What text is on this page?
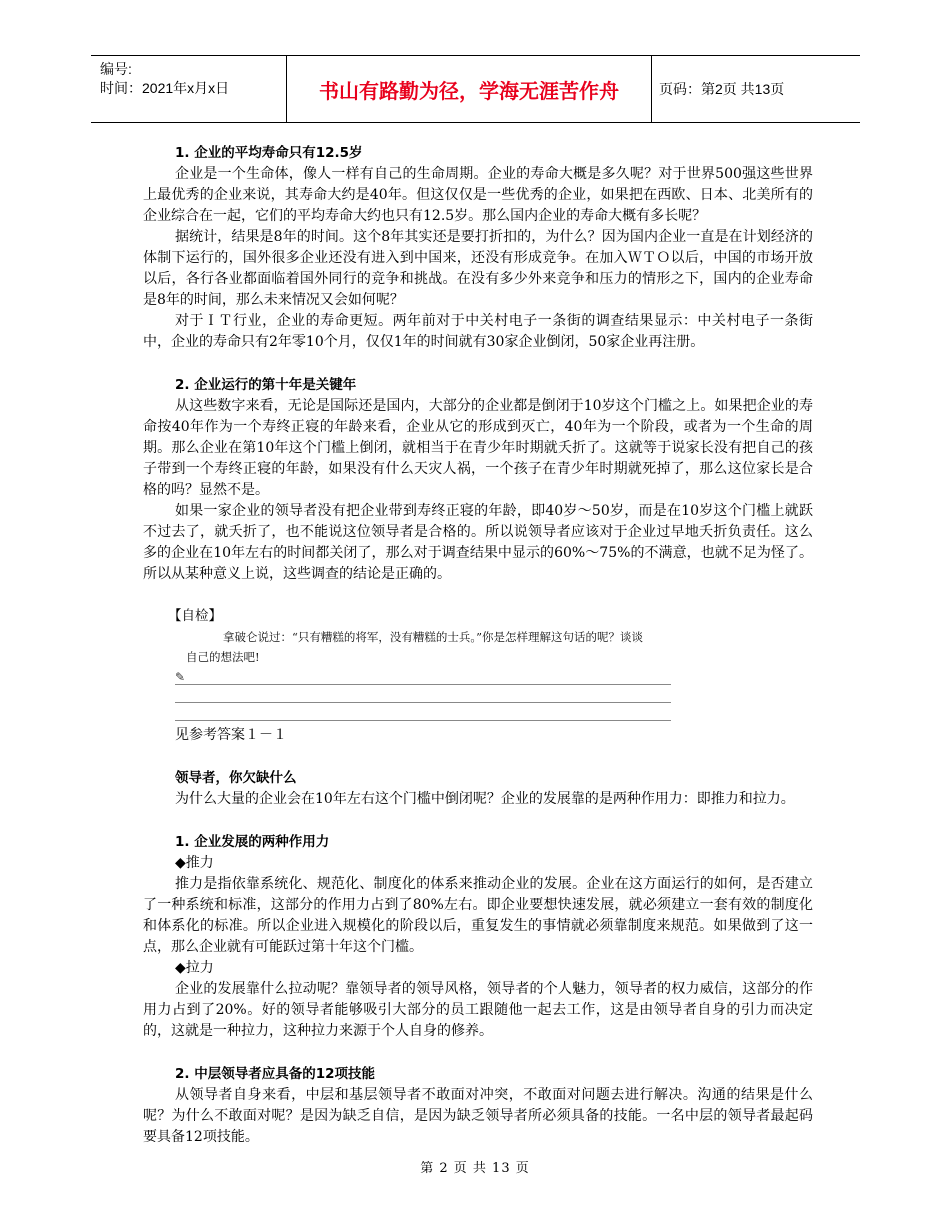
编号:
时间：2021年x月x日	书山有路勤为径，学海无涯苦作舟	页码：第2页 共13页
1. 企业的平均寿命只有12.5岁

企业是一个生命体，像人一样有自己的生命周期。企业的寿命大概是多久呢？对于世界500强这些世界上最优秀的企业来说，其寿命大约是40年。但这仅仅是一些优秀的企业，如果把在西欧、日本、北美所有的企业综合在一起，它们的平均寿命大约也只有12.5岁。那么国内企业的寿命大概有多长呢？

据统计，结果是8年的时间。这个8年其实还是要打折扣的，为什么？因为国内企业一直是在计划经济的体制下运行的，国外很多企业还没有进入到中国来，还没有形成竞争。在加入ＷＴＯ以后，中国的市场开放以后，各行各业都面临着国外同行的竞争和挑战。在没有多少外来竞争和压力的情形之下，国内的企业寿命是8年的时间，那么未来情况又会如何呢？

对于ＩＴ行业，企业的寿命更短。两年前对于中关村电子一条街的调查结果显示：中关村电子一条街中，企业的寿命只有2年零10个月，仅仅1年的时间就有30家企业倒闭，50家企业再注册。

2. 企业运行的第十年是关键年

从这些数字来看，无论是国际还是国内，大部分的企业都是倒闭于10岁这个门槛之上。如果把企业的寿命按40年作为一个寿终正寝的年龄来看，企业从它的形成到灭亡，40年为一个阶段，或者为一个生命的周期。那么企业在第10年这个门槛上倒闭，就相当于在青少年时期就夭折了。这就等于说家长没有把自己的孩子带到一个寿终正寝的年龄，如果没有什么天灾人祸，一个孩子在青少年时期就死掉了，那么这位家长是合格的吗？显然不是。

如果一家企业的领导者没有把企业带到寿终正寝的年龄，即40岁～50岁，而是在10岁这个门槛上就跃不过去了，就夭折了，也不能说这位领导者是合格的。所以说领导者应该对于企业过早地夭折负责任。这么多的企业在10年左右的时间都关闭了，那么对于调查结果中显示的60%～75%的不满意，也就不足为怪了。所以从某种意义上说，这些调查的结论是正确的。

【自检】
拿破仑说过：“只有糟糕的将军，没有糟糕的士兵。”你是怎样理解这句话的呢？谈谈
自己的想法吧!
✎
见参考答案１－１
领导者，你欠缺什么

为什么大量的企业会在10年左右这个门槛中倒闭呢？企业的发展靠的是两种作用力：即推力和拉力。

1. 企业发展的两种作用力
◆推力

推力是指依靠系统化、规范化、制度化的体系来推动企业的发展。企业在这方面运行的如何，是否建立了一种系统和标准，这部分的作用力占到了80%左右。即企业要想快速发展，就必须建立一套有效的制度化和体系化的标准。所以企业进入规模化的阶段以后，重复发生的事情就必须靠制度来规范。如果做到了这一点，那么企业就有可能跃过第十年这个门槛。

◆拉力

企业的发展靠什么拉动呢？靠领导者的领导风格，领导者的个人魅力，领导者的权力威信，这部分的作用力占到了20%。好的领导者能够吸引大部分的员工跟随他一起去工作，这是由领导者自身的引力而决定的，这就是一种拉力，这种拉力来源于个人自身的修养。

2. 中层领导者应具备的12项技能

从领导者自身来看，中层和基层领导者不敢面对冲突，不敢面对问题去进行解决。沟通的结果是什么呢？为什么不敢面对呢？是因为缺乏自信，是因为缺乏领导者所必须具备的技能。一名中层的领导者最起码要具备12项技能。

第 2 页 共 13 页
